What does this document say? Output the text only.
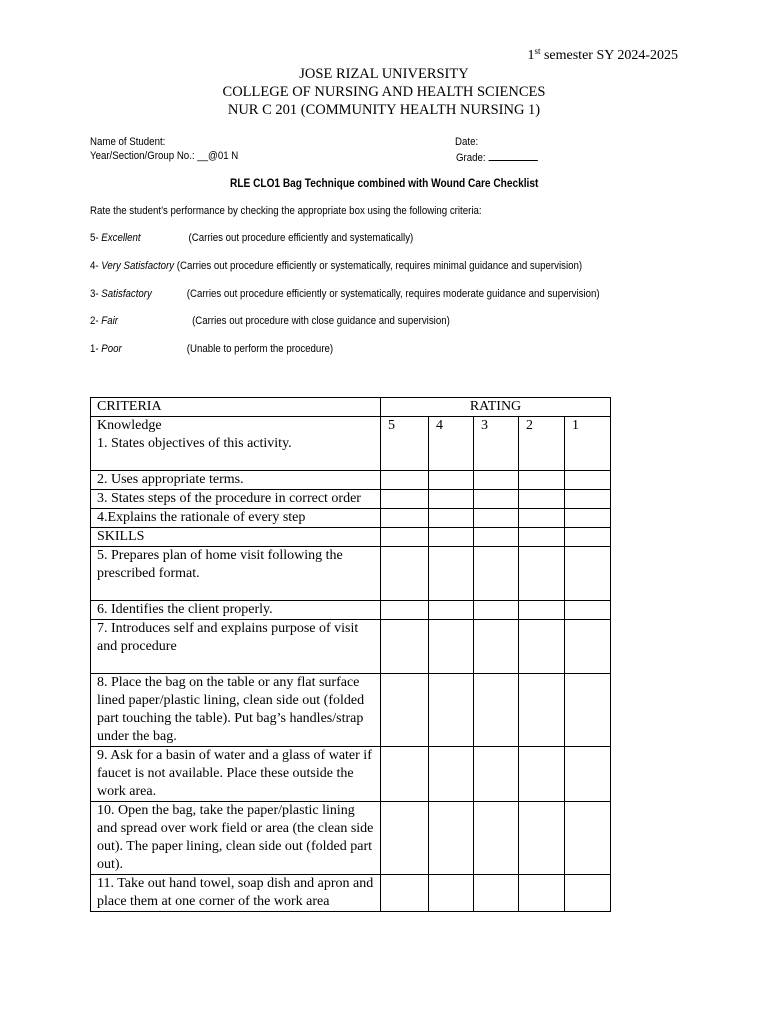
1st semester SY 2024-2025
JOSE RIZAL UNIVERSITY
COLLEGE OF NURSING AND HEALTH SCIENCES
NUR C 201 (COMMUNITY HEALTH NURSING 1)
Name of Student:
Year/Section/Group No.: __@01 N
Date:
Grade:
RLE CLO1 Bag Technique combined with Wound Care Checklist
Rate the student’s performance by checking the appropriate box using the following criteria:
5- Excellent	(Carries out procedure efficiently and systematically)
4- Very Satisfactory (Carries out procedure efficiently or systematically, requires minimal guidance and supervision)
3- Satisfactory	(Carries out procedure efficiently or systematically, requires moderate guidance and supervision)
2- Fair	(Carries out procedure with close guidance and supervision)
1- Poor	(Unable to perform the procedure)
CRITERIA	RATING				

Knowledge
1. States objectives of this activity.	5	4	3	2	1
2. Uses appropriate terms.					
3. States steps of the procedure in correct order					
4.Explains the rationale of every step					
SKILLS					
5. Prepares plan of home visit following the prescribed format.					
6. Identifies the client properly.					
7. Introduces self and explains purpose of visit and procedure					
8. Place the bag on the table or any flat surface lined paper/plastic lining, clean side out (folded part touching the table). Put bag’s handles/strap under the bag.					
9. Ask for a basin of water and a glass of water if faucet is not available. Place these outside the work area.					
10. Open the bag, take the paper/plastic lining and spread over work field or area (the clean side out). The paper lining, clean side out (folded part out).					
11. Take out hand towel, soap dish and apron and place them at one corner of the work area					
